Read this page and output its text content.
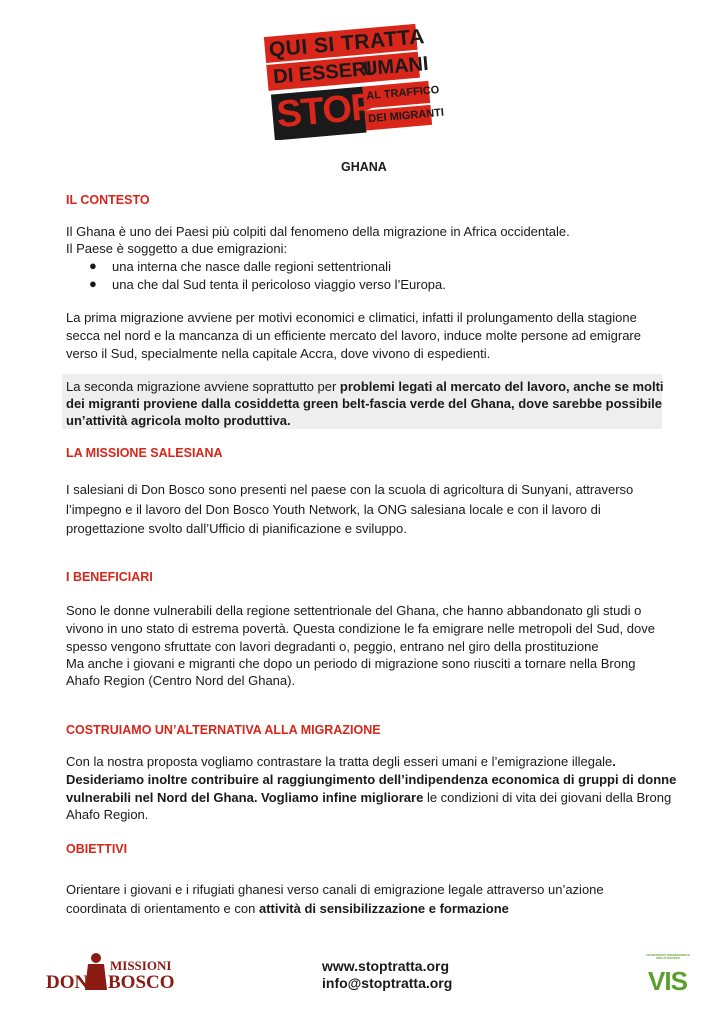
QUI SI TRATTA
DI ESSERI
UMANI
STOP
AL TRAFFICO
DEI MIGRANTI
GHANA
IL CONTESTO
Il Ghana è uno dei Paesi più colpiti dal fenomeno della migrazione in Africa occidentale.
Il Paese è soggetto a due emigrazioni:
● una interna che nasce dalle regioni settentrionali
● una che dal Sud tenta il pericoloso viaggio verso l’Europa.
La prima migrazione avviene per motivi economici e climatici, infatti il prolungamento della stagione
secca nel nord e la mancanza di un efficiente mercato del lavoro, induce molte persone ad emigrare
verso il Sud, specialmente nella capitale Accra, dove vivono di espedienti.
La seconda migrazione avviene soprattutto per problemi legati al mercato del lavoro, anche se molti
dei migranti proviene dalla cosiddetta green belt-fascia verde del Ghana, dove sarebbe possibile
un’attività agricola molto produttiva.
LA MISSIONE SALESIANA
I salesiani di Don Bosco sono presenti nel paese con la scuola di agricoltura di Sunyani, attraverso
l’impegno e il lavoro del Don Bosco Youth Network, la ONG salesiana locale e con il lavoro di
progettazione svolto dall’Ufficio di pianificazione e sviluppo.
I BENEFICIARI
Sono le donne vulnerabili della regione settentrionale del Ghana, che hanno abbandonato gli studi o
vivono in uno stato di estrema povertà. Questa condizione le fa emigrare nelle metropoli del Sud, dove
spesso vengono sfruttate con lavori degradanti o, peggio, entrano nel giro della prostituzione
Ma anche i giovani e migranti che dopo un periodo di migrazione sono riusciti a tornare nella Brong
Ahafo Region (Centro Nord del Ghana).
COSTRUIAMO UN’ALTERNATIVA ALLA MIGRAZIONE
Con la nostra proposta vogliamo contrastare la tratta degli esseri umani e l’emigrazione illegale.
Desideriamo inoltre contribuire al raggiungimento dell’indipendenza economica di gruppi di donne
vulnerabili nel Nord del Ghana. Vogliamo infine migliorare le condizioni di vita dei giovani della Brong
Ahafo Region.
OBIETTIVI
Orientare i giovani e i rifugiati ghanesi verso canali di emigrazione legale attraverso un’azione
coordinata di orientamento e con attività di sensibilizzazione e formazione
MISSIONI
DON BOSCO
www.stoptratta.org
info@stoptratta.org
VOLONTARIATO INTERNAZIONALE PER LO SVILUPPO
VIS
